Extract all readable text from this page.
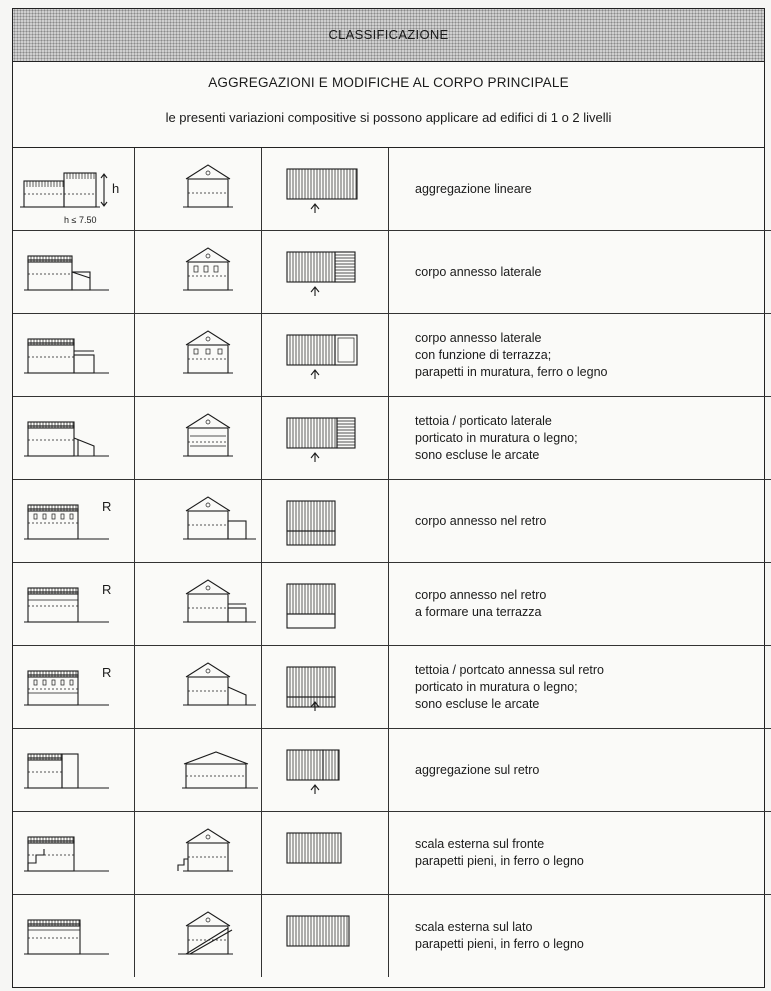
CLASSIFICAZIONE
AGGREGAZIONI E MODIFICHE AL CORPO PRINCIPALE
le presenti variazioni compositive si possono applicare ad edifici di 1 o 2 livelli
h
h ≤ 7.50			aggregazione lineare

corpo annesso laterale

corpo annesso laterale
con funzione di terrazza;
parapetti in muratura, ferro o legno

tettoia / porticato laterale
porticato in muratura o legno;
sono escluse le arcate

R			corpo annesso nel retro

R			corpo annesso nel retro
a formare una terrazza

R			tettoia / portcato annessa sul retro
porticato in muratura o legno;
sono escluse le arcate

aggregazione sul retro

scala esterna sul fronte
parapetti pieni, in ferro o legno

scala esterna sul lato
parapetti pieni, in ferro o legno
